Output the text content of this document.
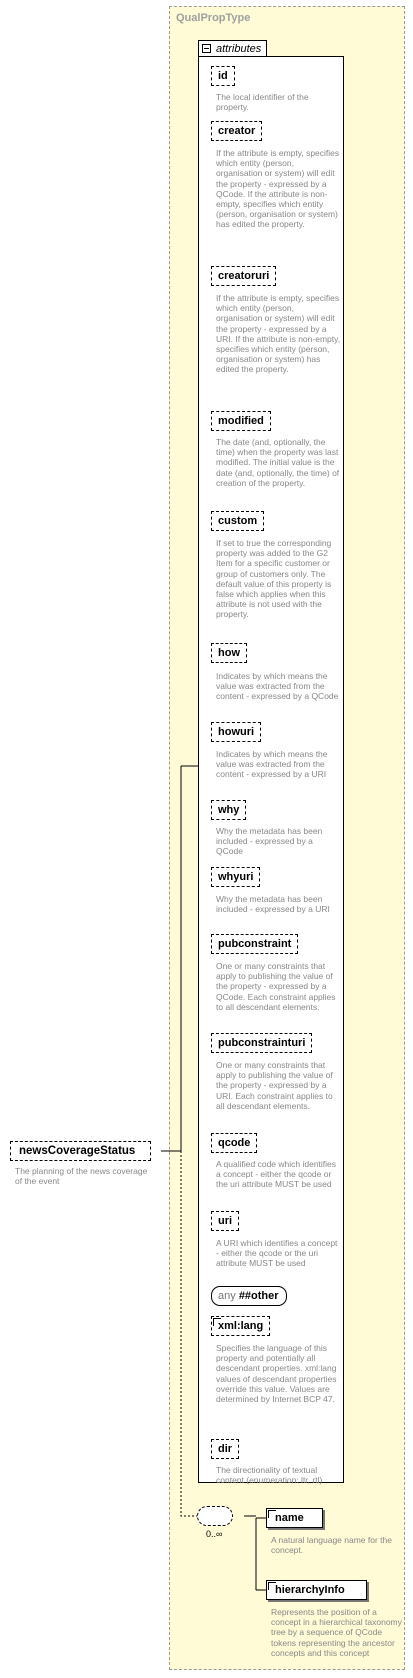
QualPropType
attributes
id
The local identifier of the property.
creator
If the attribute is empty, specifies which entity (person, organisation or system) will edit the property - expressed by a QCode. If the attribute is non-empty, specifies which entity (person, organisation or system) has edited the property.
creatoruri
If the attribute is empty, specifies which entity (person, organisation or system) will edit the property - expressed by a URI. If the attribute is non-empty, specifies which entity (person, organisation or system) has edited the property.
modified
The date (and, optionally, the time) when the property was last modified. The initial value is the date (and, optionally, the time) of creation of the property.
custom
If set to true the corresponding property was added to the G2 Item for a specific customer or group of customers only. The default value of this property is false which applies when this attribute is not used with the property.
how
Indicates by which means the value was extracted from the content - expressed by a QCode
howuri
Indicates by which means the value was extracted from the content - expressed by a URI
why
Why the metadata has been included - expressed by a QCode
whyuri
Why the metadata has been included - expressed by a URI
pubconstraint
One or many constraints that apply to publishing the value of the property - expressed by a QCode. Each constraint applies to all descendant elements.
pubconstrainturi
One or many constraints that apply to publishing the value of the property - expressed by a URI. Each constraint applies to all descendant elements.
qcode
A qualified code which identifies a concept - either the qcode or the uri attribute MUST be used
uri
A URI which identifies a concept - either the qcode or the uri attribute MUST be used
any ##other
xml:lang
Specifies the language of this property and potentially all descendant properties. xml:lang values of descendant properties override this value. Values are determined by Internet BCP 47.
dir
The directionality of textual content (enumeration: ltr, rtl)
newsCoverageStatus
The planning of the news coverage of the event
0..∞
name
A natural language name for the concept.
hierarchyInfo
Represents the position of a concept in a hierarchical taxonomy tree by a sequence of QCode tokens representing the ancestor concepts and this concept
